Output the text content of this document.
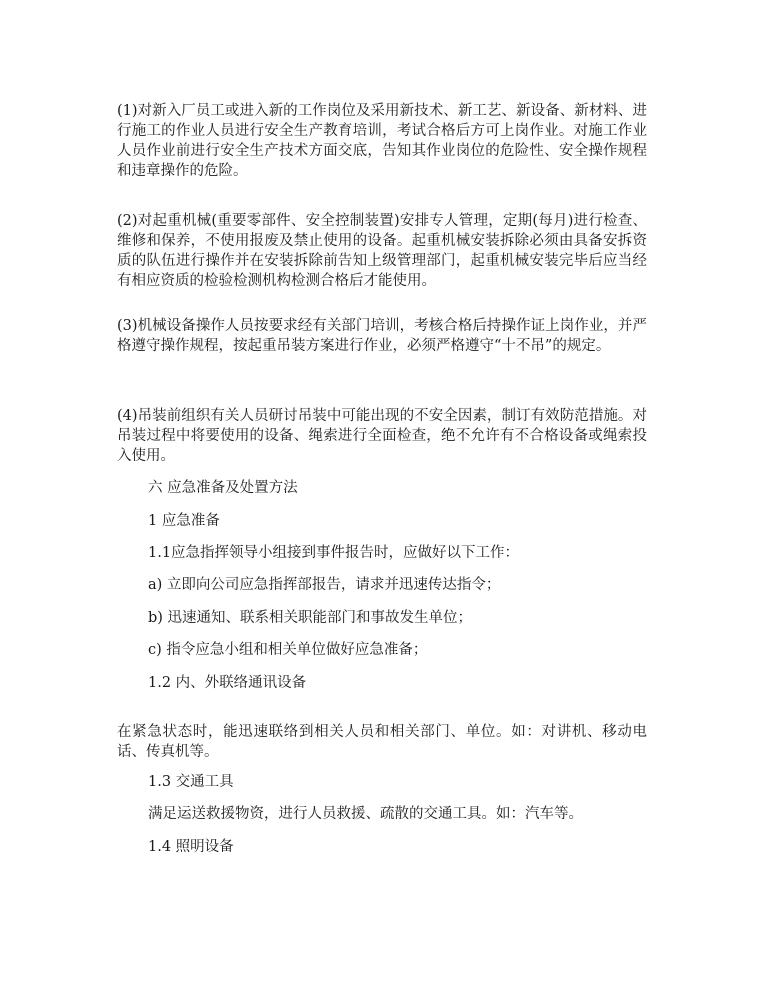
(1)对新入厂员工或进入新的工作岗位及采用新技术、新工艺、新设备、新材料、进行施工的作业人员进行安全生产教育培训，考试合格后方可上岗作业。对施工作业人员作业前进行安全生产技术方面交底，告知其作业岗位的危险性、安全操作规程和违章操作的危险。

(2)对起重机械(重要零部件、安全控制装置)安排专人管理，定期(每月)进行检查、维修和保养，不使用报废及禁止使用的设备。起重机械安装拆除必须由具备安拆资质的队伍进行操作并在安装拆除前告知上级管理部门，起重机械安装完毕后应当经有相应资质的检验检测机构检测合格后才能使用。

(3)机械设备操作人员按要求经有关部门培训，考核合格后持操作证上岗作业，并严格遵守操作规程，按起重吊装方案进行作业，必须严格遵守“十不吊”的规定。

(4)吊装前组织有关人员研讨吊装中可能出现的不安全因素，制订有效防范措施。对吊装过程中将要使用的设备、绳索进行全面检查，绝不允许有不合格设备或绳索投入使用。

六 应急准备及处置方法

1 应急准备

1.1应急指挥领导小组接到事件报告时，应做好以下工作：

a) 立即向公司应急指挥部报告，请求并迅速传达指令；

b) 迅速通知、联系相关职能部门和事故发生单位；

c) 指令应急小组和相关单位做好应急准备；

1.2 内、外联络通讯设备

在紧急状态时，能迅速联络到相关人员和相关部门、单位。如：对讲机、移动电话、传真机等。

1.3 交通工具

满足运送救援物资，进行人员救援、疏散的交通工具。如：汽车等。

1.4 照明设备
